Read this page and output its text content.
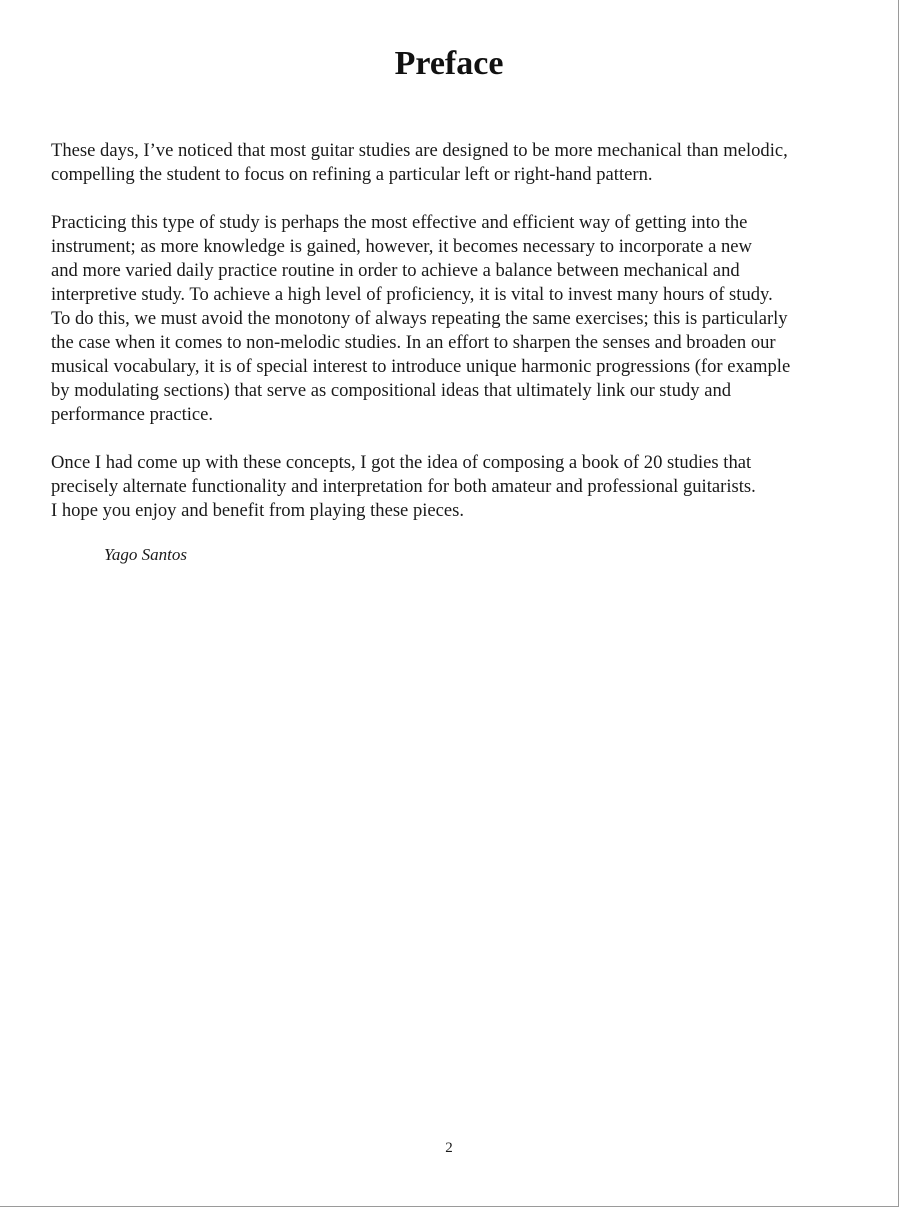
Preface

These days, I’ve noticed that most guitar studies are designed to be more mechanical than melodic,
compelling the student to focus on refining a particular left or right-hand pattern.

Practicing this type of study is perhaps the most effective and efficient way of getting into the
instrument; as more knowledge is gained, however, it becomes necessary to incorporate a new
and more varied daily practice routine in order to achieve a balance between mechanical and
interpretive study. To achieve a high level of proficiency, it is vital to invest many hours of study.
To do this, we must avoid the monotony of always repeating the same exercises; this is particularly
the case when it comes to non-melodic studies. In an effort to sharpen the senses and broaden our
musical vocabulary, it is of special interest to introduce unique harmonic progressions (for example
by modulating sections) that serve as compositional ideas that ultimately link our study and
performance practice.

Once I had come up with these concepts, I got the idea of composing a book of 20 studies that
precisely alternate functionality and interpretation for both amateur and professional guitarists.
I hope you enjoy and benefit from playing these pieces.

Yago Santos
2
